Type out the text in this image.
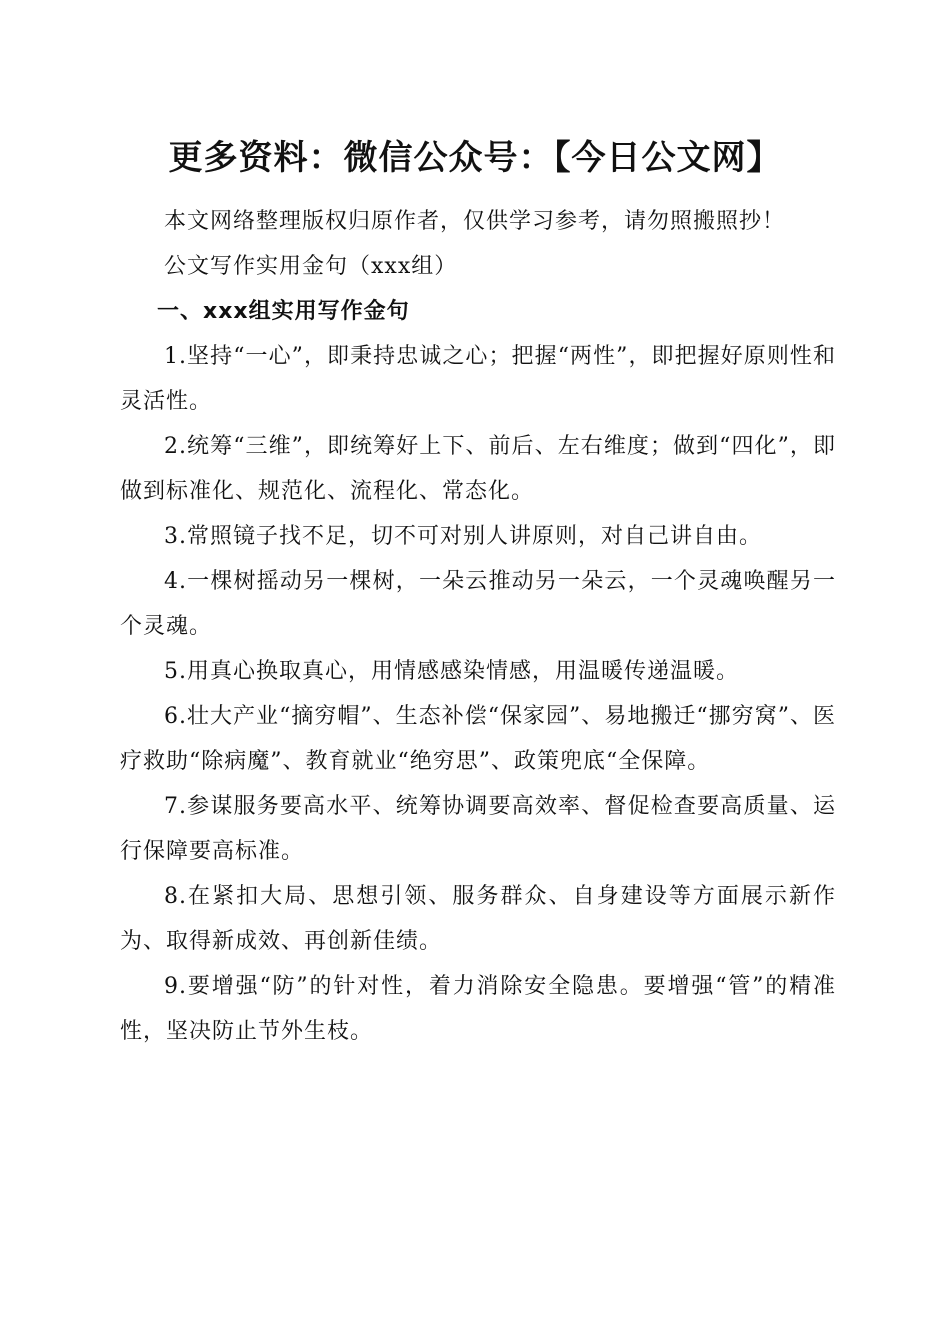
更多资料：微信公众号：【今日公文网】

本文网络整理版权归原作者，仅供学习参考，请勿照搬照抄！

公文写作实用金句（xxx组）

一、xxx组实用写作金句

1.坚持“一心”，即秉持忠诚之心；把握“两性”，即把握好原则性和灵活性。

2.统筹“三维”，即统筹好上下、前后、左右维度；做到“四化”，即做到标准化、规范化、流程化、常态化。

3.常照镜子找不足，切不可对别人讲原则，对自己讲自由。

4.一棵树摇动另一棵树，一朵云推动另一朵云，一个灵魂唤醒另一个灵魂。

5.用真心换取真心，用情感感染情感，用温暖传递温暖。

6.壮大产业“摘穷帽”、生态补偿“保家园”、易地搬迁“挪穷窝”、医疗救助“除病魔”、教育就业“绝穷思”、政策兜底“全保障。

7.参谋服务要高水平、统筹协调要高效率、督促检查要高质量、运行保障要高标准。

8.在紧扣大局、思想引领、服务群众、自身建设等方面展示新作为、取得新成效、再创新佳绩。

9.要增强“防”的针对性，着力消除安全隐患。要增强“管”的精准性，坚决防止节外生枝。
